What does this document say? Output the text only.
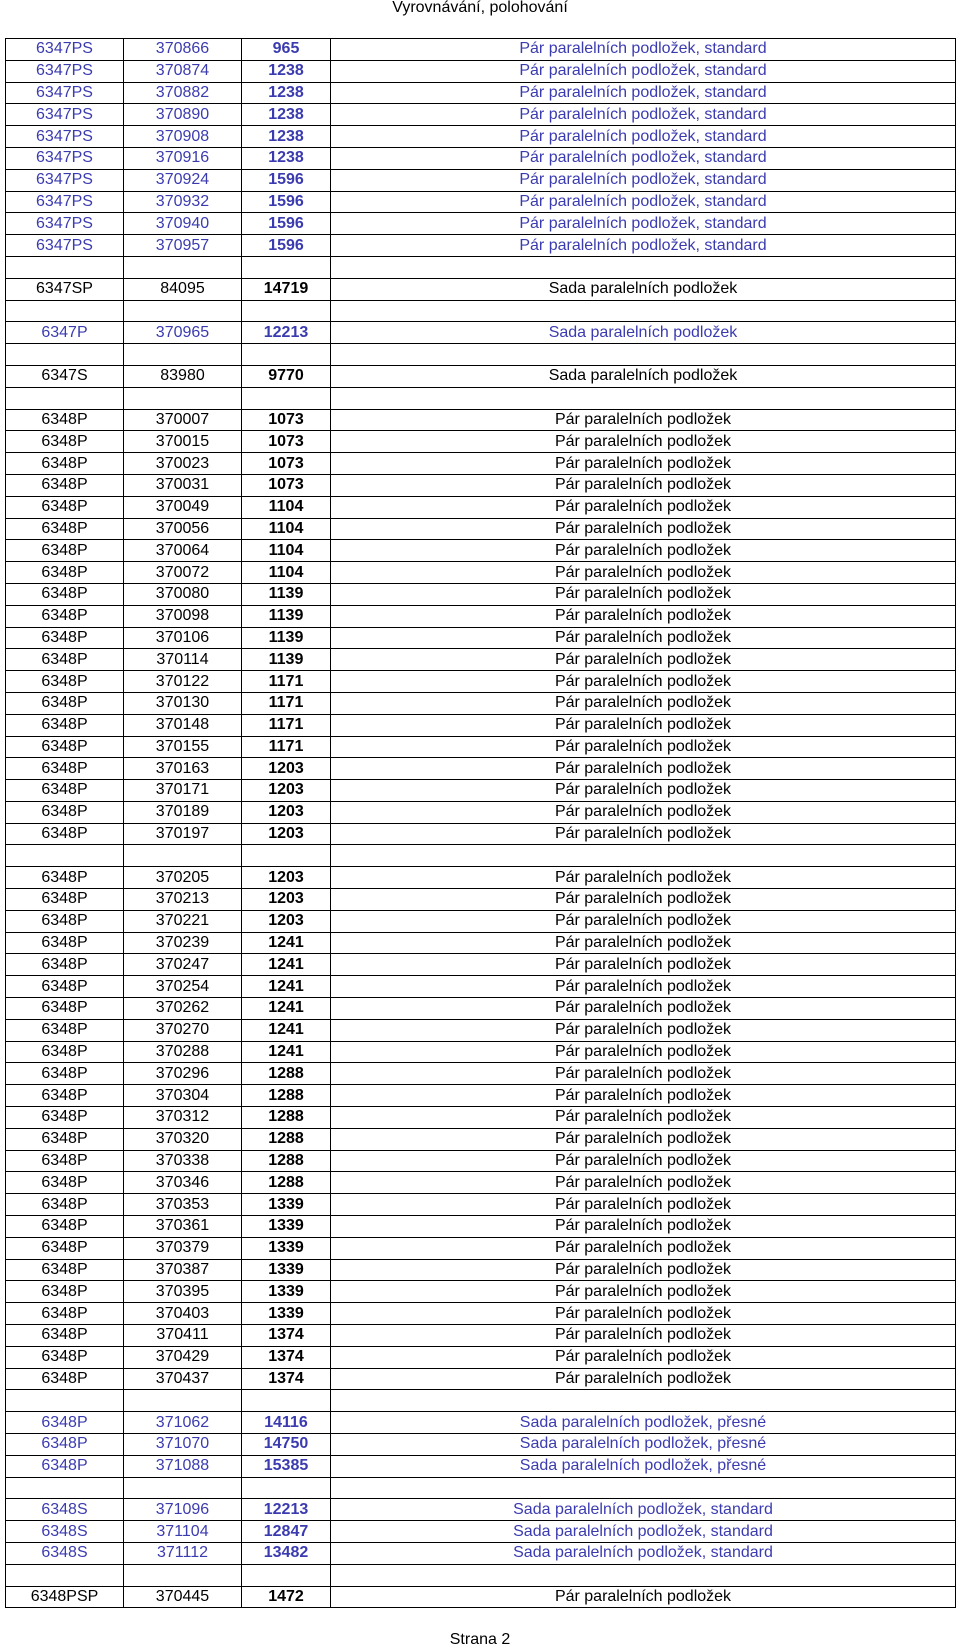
Vyrovnávání, polohování
6347PS	370866	965	Pár paralelních podložek, standard
6347PS	370874	1238	Pár paralelních podložek, standard
6347PS	370882	1238	Pár paralelních podložek, standard
6347PS	370890	1238	Pár paralelních podložek, standard
6347PS	370908	1238	Pár paralelních podložek, standard
6347PS	370916	1238	Pár paralelních podložek, standard
6347PS	370924	1596	Pár paralelních podložek, standard
6347PS	370932	1596	Pár paralelních podložek, standard
6347PS	370940	1596	Pár paralelních podložek, standard
6347PS	370957	1596	Pár paralelních podložek, standard

6347SP	84095	14719	Sada paralelních podložek

6347P	370965	12213	Sada paralelních podložek

6347S	83980	9770	Sada paralelních podložek

6348P	370007	1073	Pár paralelních podložek
6348P	370015	1073	Pár paralelních podložek
6348P	370023	1073	Pár paralelních podložek
6348P	370031	1073	Pár paralelních podložek
6348P	370049	1104	Pár paralelních podložek
6348P	370056	1104	Pár paralelních podložek
6348P	370064	1104	Pár paralelních podložek
6348P	370072	1104	Pár paralelních podložek
6348P	370080	1139	Pár paralelních podložek
6348P	370098	1139	Pár paralelních podložek
6348P	370106	1139	Pár paralelních podložek
6348P	370114	1139	Pár paralelních podložek
6348P	370122	1171	Pár paralelních podložek
6348P	370130	1171	Pár paralelních podložek
6348P	370148	1171	Pár paralelních podložek
6348P	370155	1171	Pár paralelních podložek
6348P	370163	1203	Pár paralelních podložek
6348P	370171	1203	Pár paralelních podložek
6348P	370189	1203	Pár paralelních podložek
6348P	370197	1203	Pár paralelních podložek

6348P	370205	1203	Pár paralelních podložek
6348P	370213	1203	Pár paralelních podložek
6348P	370221	1203	Pár paralelních podložek
6348P	370239	1241	Pár paralelních podložek
6348P	370247	1241	Pár paralelních podložek
6348P	370254	1241	Pár paralelních podložek
6348P	370262	1241	Pár paralelních podložek
6348P	370270	1241	Pár paralelních podložek
6348P	370288	1241	Pár paralelních podložek
6348P	370296	1288	Pár paralelních podložek
6348P	370304	1288	Pár paralelních podložek
6348P	370312	1288	Pár paralelních podložek
6348P	370320	1288	Pár paralelních podložek
6348P	370338	1288	Pár paralelních podložek
6348P	370346	1288	Pár paralelních podložek
6348P	370353	1339	Pár paralelních podložek
6348P	370361	1339	Pár paralelních podložek
6348P	370379	1339	Pár paralelních podložek
6348P	370387	1339	Pár paralelních podložek
6348P	370395	1339	Pár paralelních podložek
6348P	370403	1339	Pár paralelních podložek
6348P	370411	1374	Pár paralelních podložek
6348P	370429	1374	Pár paralelních podložek
6348P	370437	1374	Pár paralelních podložek

6348P	371062	14116	Sada paralelních podložek, přesné
6348P	371070	14750	Sada paralelních podložek, přesné
6348P	371088	15385	Sada paralelních podložek, přesné

6348S	371096	12213	Sada paralelních podložek, standard
6348S	371104	12847	Sada paralelních podložek, standard
6348S	371112	13482	Sada paralelních podložek, standard

6348PSP	370445	1472	Pár paralelních podložek
Strana 2
